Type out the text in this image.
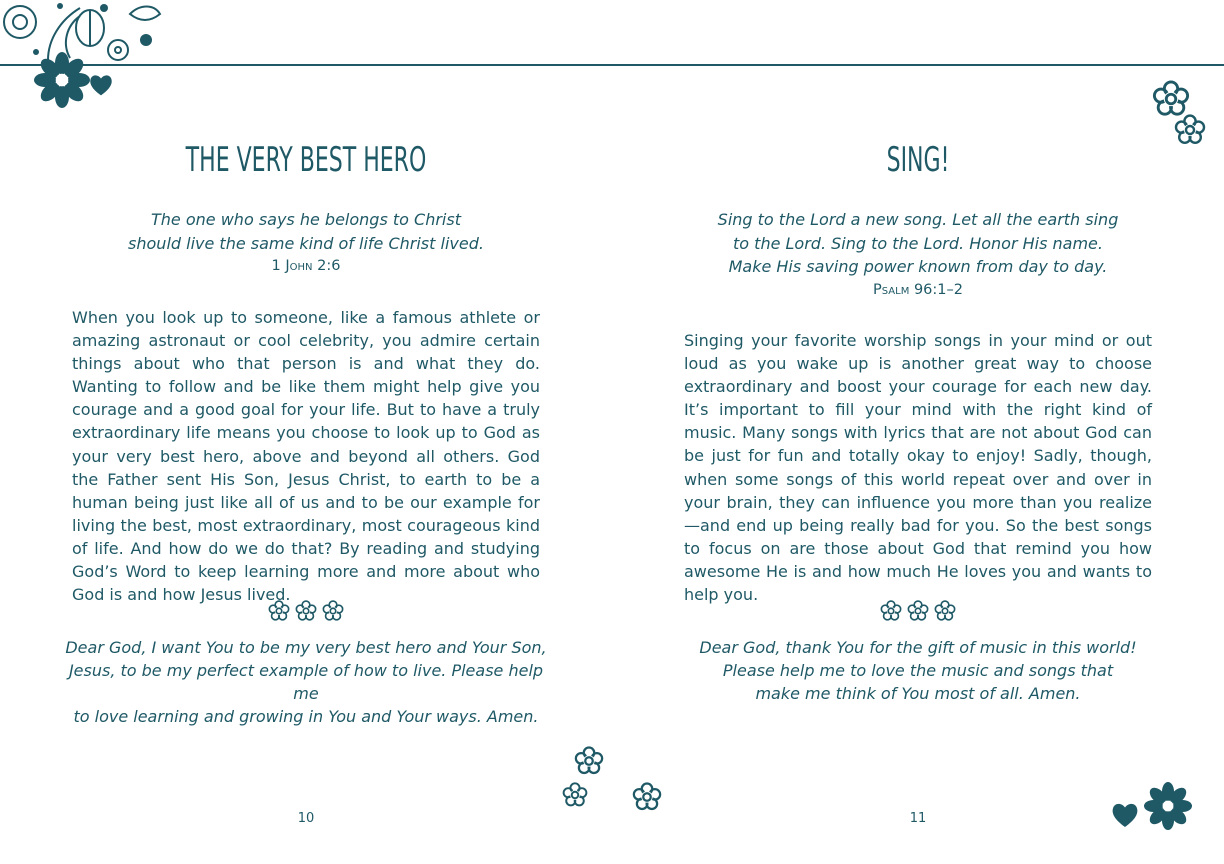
THE VERY BEST HERO
The one who says he belongs to Christ
should live the same kind of life Christ lived.
1 John 2:6
When you look up to someone, like a famous athlete or amazing astronaut or cool celebrity, you admire certain things about who that person is and what they do. Wanting to follow and be like them might help give you courage and a good goal for your life. But to have a truly extraordinary life means you choose to look up to God as your very best hero, above and beyond all others. God the Father sent His Son, Jesus Christ, to earth to be a human being just like all of us and to be our example for living the best, most extraordinary, most courageous kind of life. And how do we do that? By reading and studying God’s Word to keep learning more and more about who God is and how Jesus lived.

Dear God, I want You to be my very best hero and Your Son,
Jesus, to be my perfect example of how to live. Please help me
to love learning and growing in You and Your ways. Amen.
10
SING!
Sing to the Lord a new song. Let all the earth sing
to the Lord. Sing to the Lord. Honor His name.
Make His saving power known from day to day.
Psalm 96:1–2
Singing your favorite worship songs in your mind or out loud as you wake up is another great way to choose extraordinary and boost your courage for each new day. It’s important to fill your mind with the right kind of music. Many songs with lyrics that are not about God can be just for fun and totally okay to enjoy! Sadly, though, when some songs of this world repeat over and over in your brain, they can influence you more than you realize—and end up being really bad for you. So the best songs to focus on are those about God that remind you how awesome He is and how much He loves you and wants to help you.

Dear God, thank You for the gift of music in this world!
Please help me to love the music and songs that
make me think of You most of all. Amen.
11
